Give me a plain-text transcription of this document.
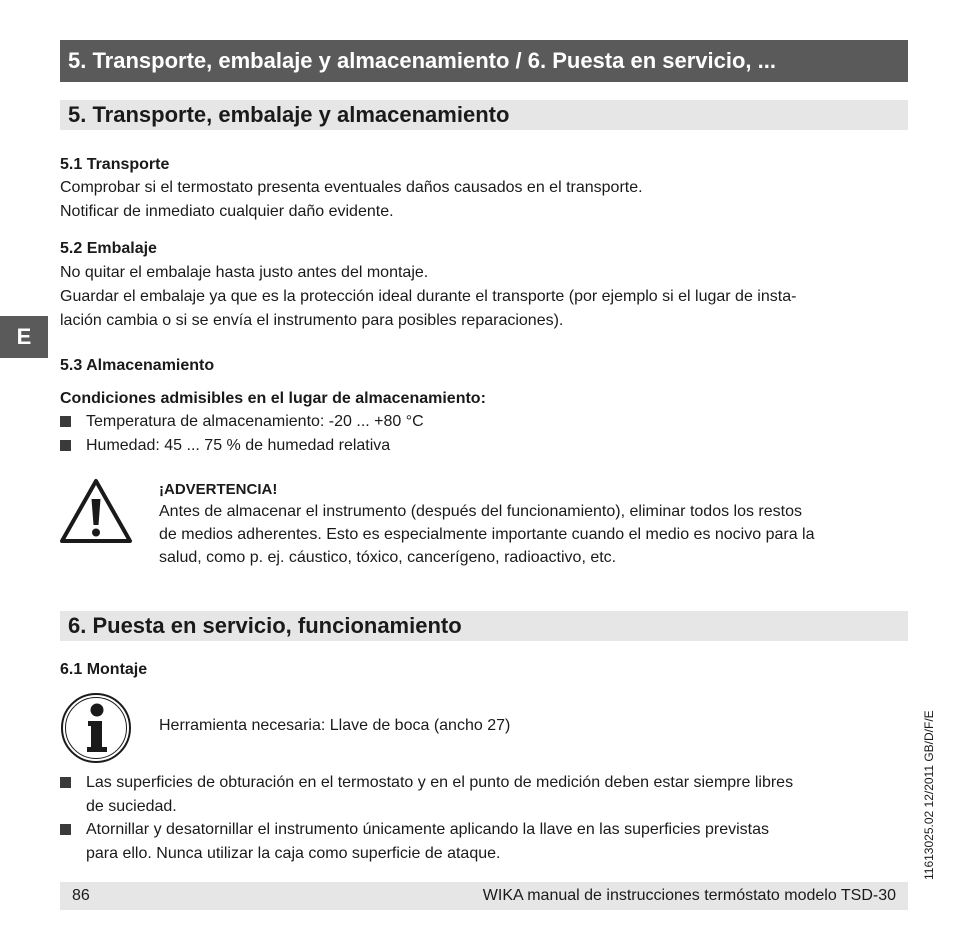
5. Transporte, embalaje y almacenamiento / 6. Puesta en servicio, ...
5. Transporte, embalaje y almacenamiento
5.1 Transporte
Comprobar si el termostato presenta eventuales daños causados en el transporte.
Notificar de inmediato cualquier daño evidente.
5.2 Embalaje
No quitar el embalaje hasta justo antes del montaje.
Guardar el embalaje ya que es la protección ideal durante el transporte (por ejemplo si el lugar de insta-
lación cambia o si se envía el instrumento para posibles reparaciones).
E
5.3 Almacenamiento
Condiciones admisibles en el lugar de almacenamiento:
Temperatura de almacenamiento: -20 ... +80 °C
Humedad: 45 ... 75 % de humedad relativa
¡ADVERTENCIA!
Antes de almacenar el instrumento (después del funcionamiento), eliminar todos los restos
de medios adherentes. Esto es especialmente importante cuando el medio es nocivo para la
salud, como p. ej. cáustico, tóxico, cancerígeno, radioactivo, etc.
6. Puesta en servicio, funcionamiento
6.1 Montaje
Herramienta necesaria: Llave de boca (ancho 27)
Las superficies de obturación en el termostato y en el punto de medición deben estar siempre libres
de suciedad.
Atornillar y desatornillar el instrumento únicamente aplicando la llave en las superficies previstas
para ello. Nunca utilizar la caja como superficie de ataque.
86	WIKA manual de instrucciones termóstato modelo TSD-30
11613025.02 12/2011 GB/D/F/E
